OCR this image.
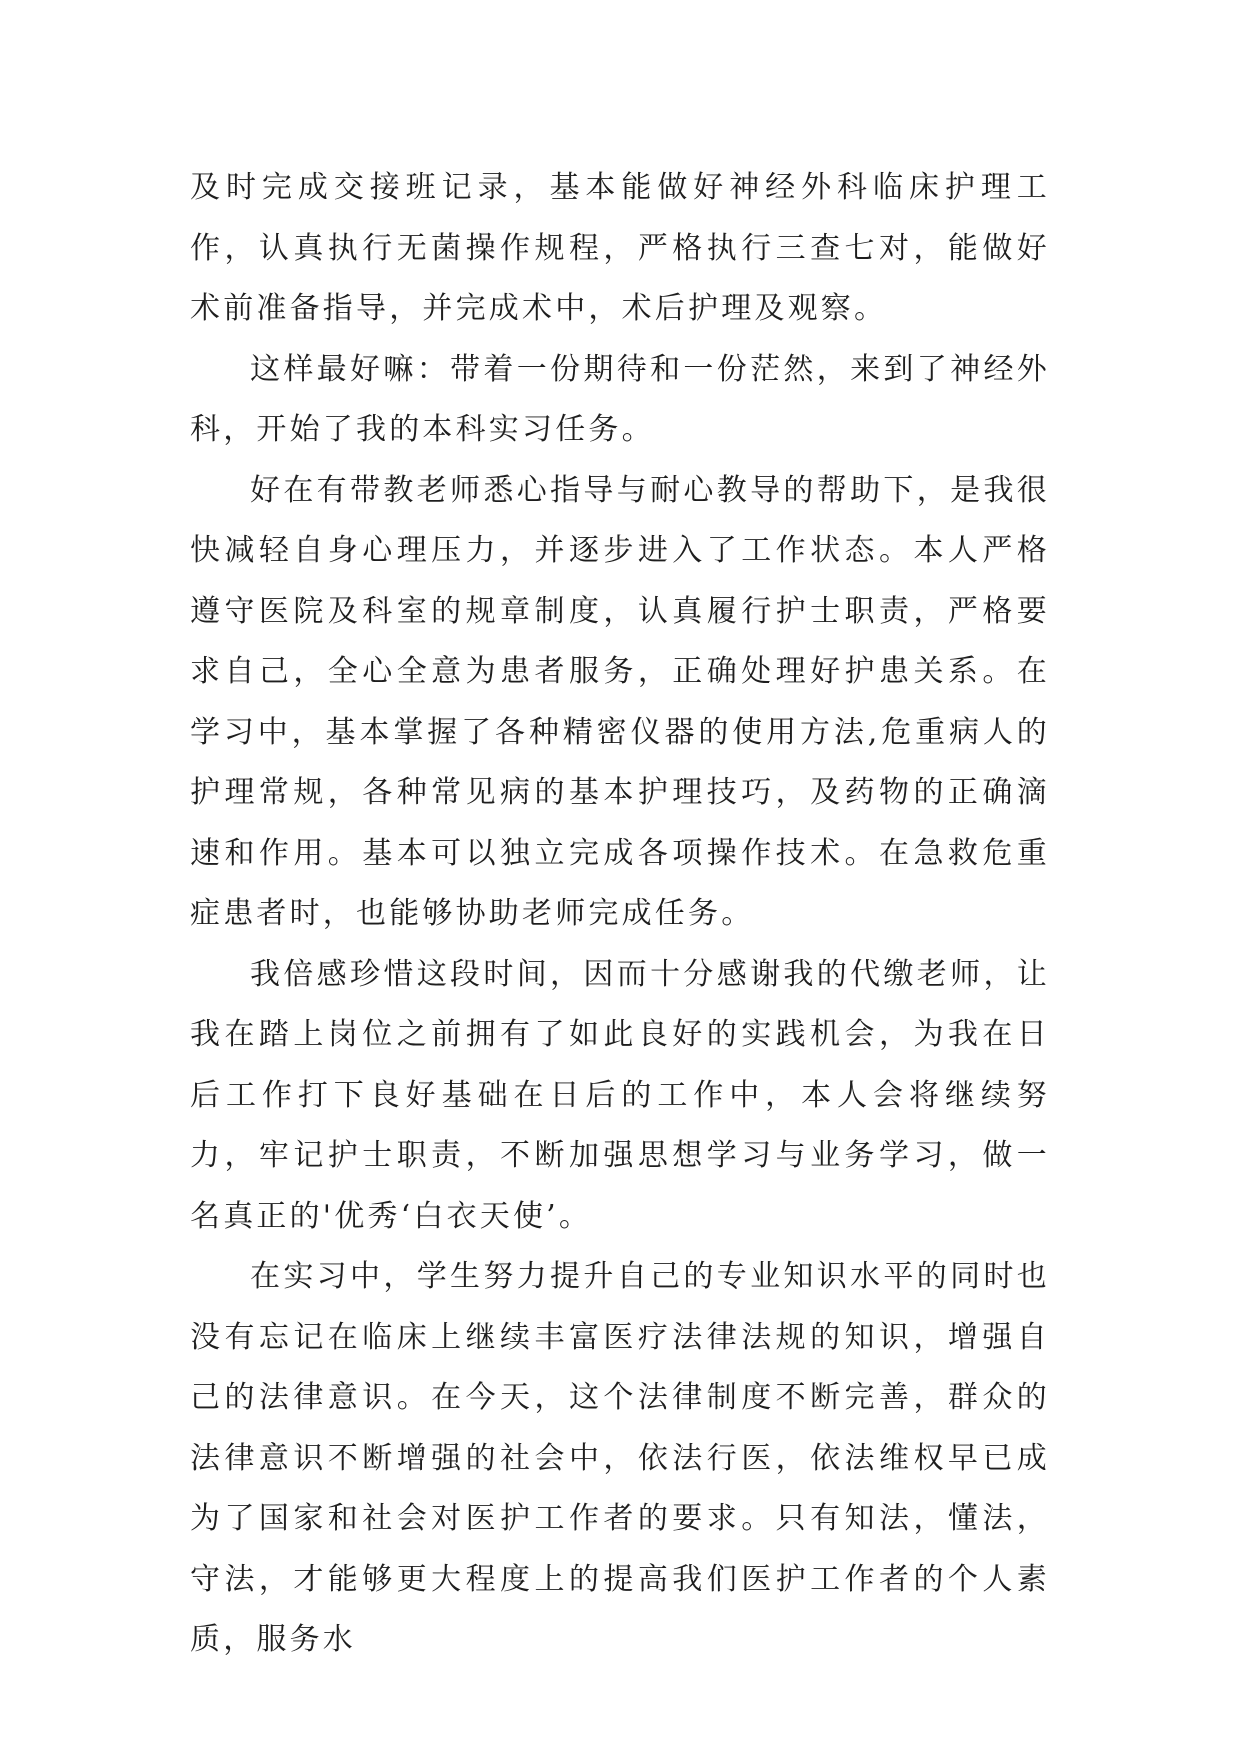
及时完成交接班记录，基本能做好神经外科临床护理工作，认真执行无菌操作规程，严格执行三查七对，能做好术前准备指导，并完成术中，术后护理及观察。

这样最好嘛：带着一份期待和一份茫然，来到了神经外科，开始了我的本科实习任务。

好在有带教老师悉心指导与耐心教导的帮助下，是我很快减轻自身心理压力，并逐步进入了工作状态。本人严格遵守医院及科室的规章制度，认真履行护士职责，严格要求自己，全心全意为患者服务，正确处理好护患关系。在学习中，基本掌握了各种精密仪器的使用方法,危重病人的护理常规，各种常见病的基本护理技巧，及药物的正确滴速和作用。基本可以独立完成各项操作技术。在急救危重症患者时，也能够协助老师完成任务。

我倍感珍惜这段时间，因而十分感谢我的代缴老师，让我在踏上岗位之前拥有了如此良好的实践机会，为我在日后工作打下良好基础在日后的工作中，本人会将继续努力，牢记护士职责，不断加强思想学习与业务学习，做一名真正的'优秀‘白衣天使’。

在实习中，学生努力提升自己的专业知识水平的同时也没有忘记在临床上继续丰富医疗法律法规的知识，增强自己的法律意识。在今天，这个法律制度不断完善，群众的法律意识不断增强的社会中，依法行医，依法维权早已成为了国家和社会对医护工作者的要求。只有知法，懂法，守法，才能够更大程度上的提高我们医护工作者的个人素质，服务水
